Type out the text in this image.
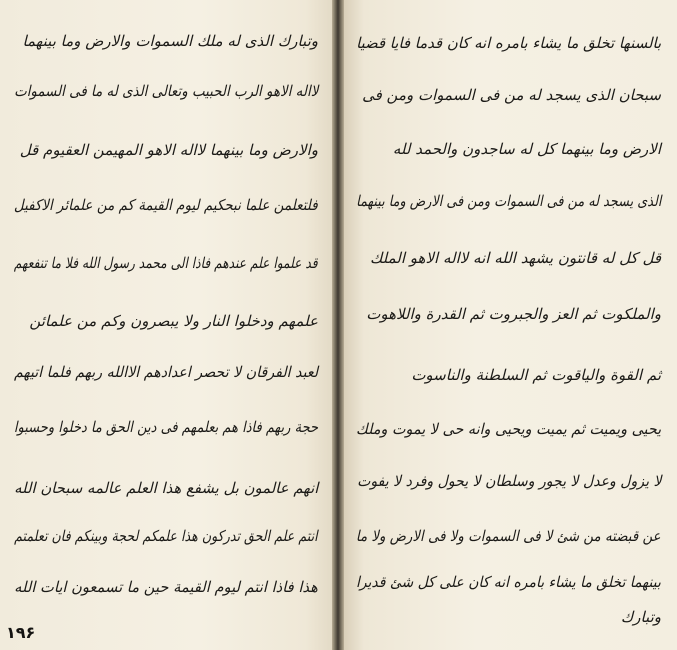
وتبارك الذى له ملك السموات والارض وما بينهما
لااله الاهو الرب الحبيب وتعالى الذى له ما فى السموات
والارض وما بينهما لااله الاهو المهيمن العقيوم قل
فلتعلمن علما نبحكيم ليوم القيمة كم من علمائر الاكفيل
قد علموا علم عندهم فاذا الى محمد رسول الله فلا ما تنفعهم
علمهم ودخلوا النار ولا يبصرون وكم من علمائن
لعبد الفرقان لا تحصر اعدادهم الاالله ربهم فلما اتيهم
حجة ربهم فاذا هم بعلمهم فى دين الحق ما دخلوا وحسبوا
انهم عالمون بل يشفع هذا العلم عالمه سبحان الله
انتم علم الحق تدركون هذا علمكم لحجة وبينكم فان تعلمتم
هذا فاذا انتم ليوم القيمة حين ما تسمعون ايات الله
١٩۶
بالسنها تخلق ما يشاء بامره انه كان قدما فايا قضيا
سبحان الذى يسجد له من فى السموات ومن فى
الارض وما بينهما كل له ساجدون والحمد لله
الذى يسجد له من فى السموات ومن فى الارض وما بينهما
قل كل له قانتون يشهد الله انه لااله الاهو الملك
والملكوت ثم العز والجبروت ثم القدرة واللاهوت
ثم القوة والياقوت ثم السلطنة والناسوت
يحيى ويميت ثم يميت ويحيى وانه حى لا يموت وملك
لا يزول وعدل لا يجور وسلطان لا يحول وفرد لا يفوت
عن قبضته من شئ لا فى السموات ولا فى الارض ولا ما
بينهما تخلق ما يشاء بامره انه كان على كل شئ قديرا
وتبارك
